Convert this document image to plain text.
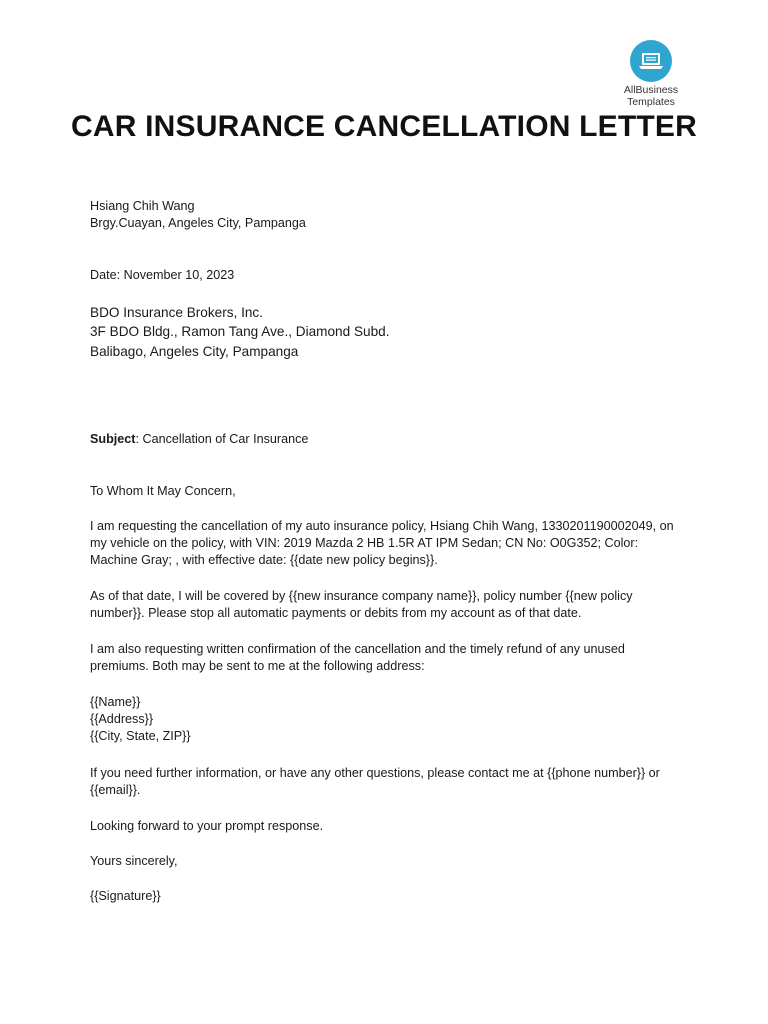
AllBusiness
Templates
CAR INSURANCE CANCELLATION LETTER
Hsiang Chih Wang
Brgy.Cuayan, Angeles City, Pampanga
Date: November 10, 2023
BDO Insurance Brokers, Inc.
3F BDO Bldg., Ramon Tang Ave., Diamond Subd.
Balibago, Angeles City, Pampanga
Subject: Cancellation of Car Insurance
To Whom It May Concern,
I am requesting the cancellation of my auto insurance policy, Hsiang Chih Wang, 1330201190002049, on
my vehicle on the policy, with VIN: 2019 Mazda 2 HB 1.5R AT IPM Sedan; CN No: O0G352; Color:
Machine Gray; , with effective date: {{date new policy begins}}.
As of that date, I will be covered by {{new insurance company name}}, policy number {{new policy
number}}. Please stop all automatic payments or debits from my account as of that date.
I am also requesting written confirmation of the cancellation and the timely refund of any unused
premiums. Both may be sent to me at the following address:
{{Name}}
{{Address}}
{{City, State, ZIP}}
If you need further information, or have any other questions, please contact me at {{phone number}} or
{{email}}.
Looking forward to your prompt response.
Yours sincerely,
{{Signature}}
